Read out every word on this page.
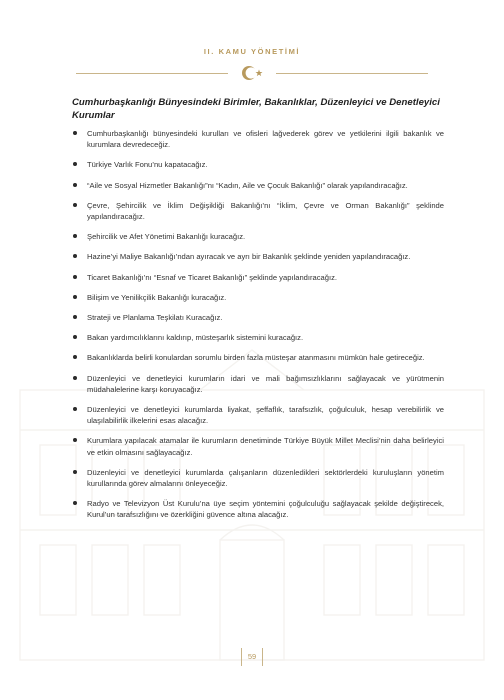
II. KAMU YÖNETİMİ
Cumhurbaşkanlığı Bünyesindeki Birimler, Bakanlıklar, Düzenleyici ve Denetleyici Kurumlar
Cumhurbaşkanlığı bünyesindeki kurulları ve ofisleri lağvederek görev ve yetkilerini ilgili bakanlık ve kurumlara devredeceğiz.
Türkiye Varlık Fonu’nu kapatacağız.
“Aile ve Sosyal Hizmetler Bakanlığı”nı “Kadın, Aile ve Çocuk Bakanlığı” olarak yapılandıracağız.
Çevre, Şehircilik ve İklim Değişikliği Bakanlığı’nı “İklim, Çevre ve Orman Bakanlığı” şeklinde yapılandıracağız.
Şehircilik ve Afet Yönetimi Bakanlığı kuracağız.
Hazine’yi Maliye Bakanlığı’ndan ayıracak ve ayrı bir Bakanlık şeklinde yeniden yapılandıracağız.
Ticaret Bakanlığı’nı “Esnaf ve Ticaret Bakanlığı” şeklinde yapılandıracağız.
Bilişim ve Yenilikçilik Bakanlığı kuracağız.
Strateji ve Planlama Teşkilatı Kuracağız.
Bakan yardımcılıklarını kaldırıp, müsteşarlık sistemini kuracağız.
Bakanlıklarda belirli konulardan sorumlu birden fazla müsteşar atanmasını mümkün hale getireceğiz.
Düzenleyici ve denetleyici kurumların idari ve mali bağımsızlıklarını sağlayacak ve yürütmenin müdahalelerine karşı koruyacağız.
Düzenleyici ve denetleyici kurumlarda liyakat, şeffaflık, tarafsızlık, çoğulculuk, hesap verebilirlik ve ulaşılabilirlik ilkelerini esas alacağız.
Kurumlara yapılacak atamalar ile kurumların denetiminde Türkiye Büyük Millet Meclisi’nin daha belirleyici ve etkin olmasını sağlayacağız.
Düzenleyici ve denetleyici kurumlarda çalışanların düzenledikleri sektörlerdeki kuruluşların yönetim kurullarında görev almalarını önleyeceğiz.
Radyo ve Televizyon Üst Kurulu’na üye seçim yöntemini çoğulculuğu sağlayacak şekilde değiştirecek, Kurul’un tarafsızlığını ve özerkliğini güvence altına alacağız.
59
